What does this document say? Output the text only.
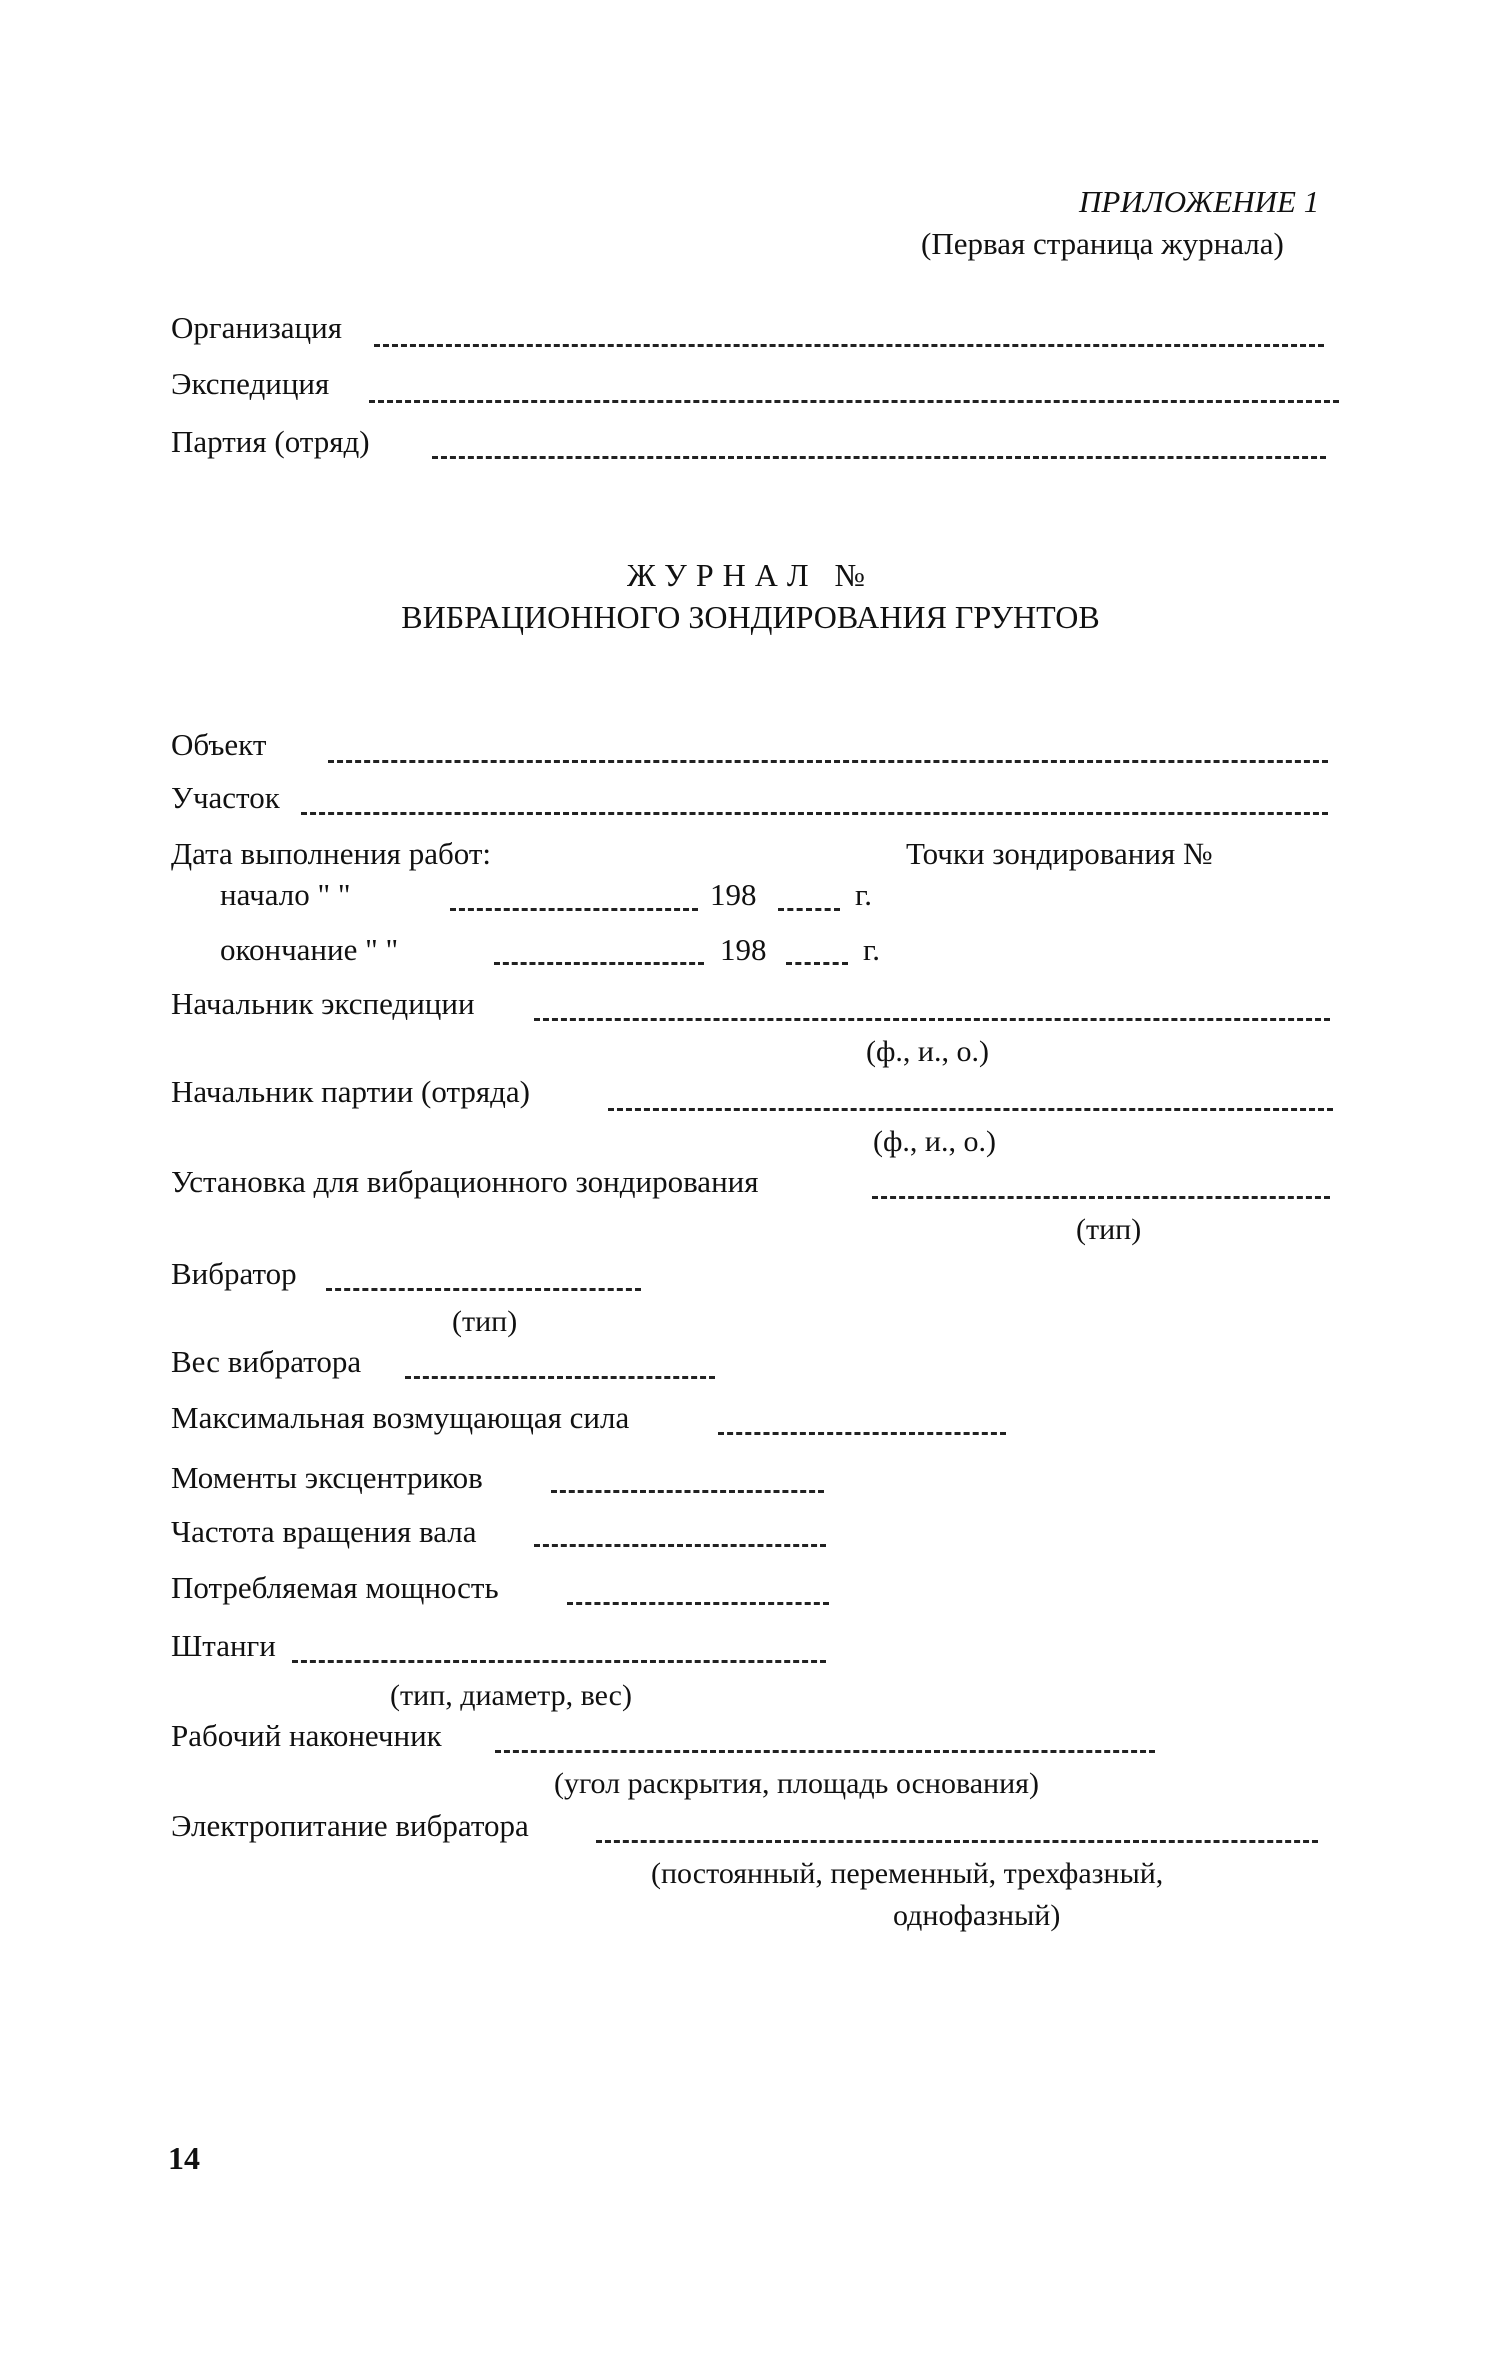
ПРИЛОЖЕНИЕ 1
(Первая страница журнала)
Организация
Экспедиция
Партия (отряд)
ЖУРНАЛ №
ВИБРАЦИОННОГО ЗОНДИРОВАНИЯ ГРУНТОВ
Объект
Участок
Дата выполнения работ:	Точки зондирования №
начало " "	198	г.
окончание " "	198	г.
Начальник экспедиции
(ф., и., о.)
Начальник партии (отряда)
(ф., и., о.)
Установка для вибрационного зондирования
(тип)
Вибратор
(тип)
Вес вибратора
Максимальная возмущающая сила
Моменты эксцентриков
Частота вращения вала
Потребляемая мощность
Штанги
(тип, диаметр, вес)
Рабочий наконечник
(угол раскрытия, площадь основания)
Электропитание вибратора
(постоянный, переменный, трехфазный,
однофазный)
14
